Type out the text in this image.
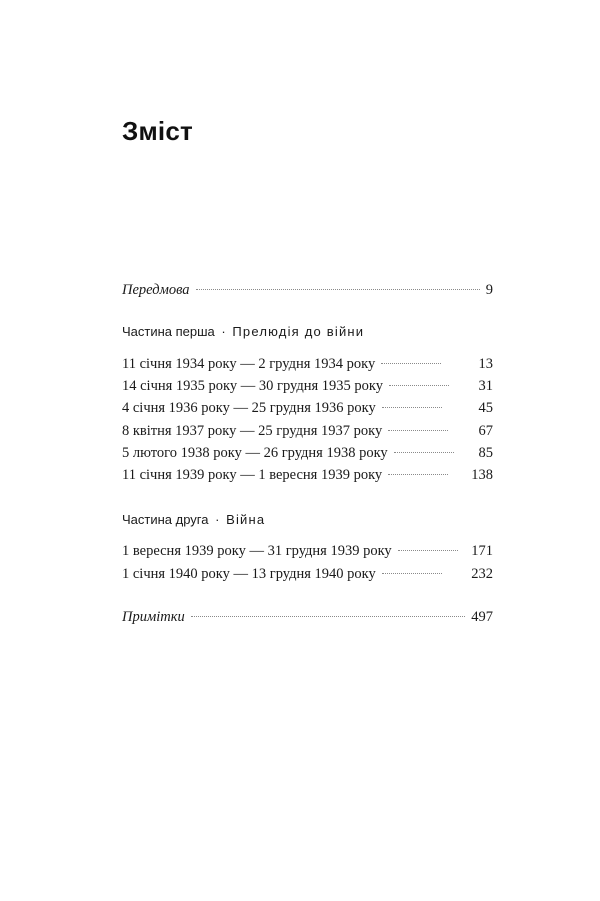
Зміст
Передмова	9
Частина перша · Прелюдія до війни
11 січня 1934 року — 2 грудня 1934 року	13
14 січня 1935 року — 30 грудня 1935 року	31
4 січня 1936 року — 25 грудня 1936 року	45
8 квітня 1937 року — 25 грудня 1937 року	67
5 лютого 1938 року — 26 грудня 1938 року	85
11 січня 1939 року — 1 вересня 1939 року	138
Частина друга · Війна
1 вересня 1939 року — 31 грудня 1939 року	171
1 січня 1940 року — 13 грудня 1940 року	232
Примітки	497
